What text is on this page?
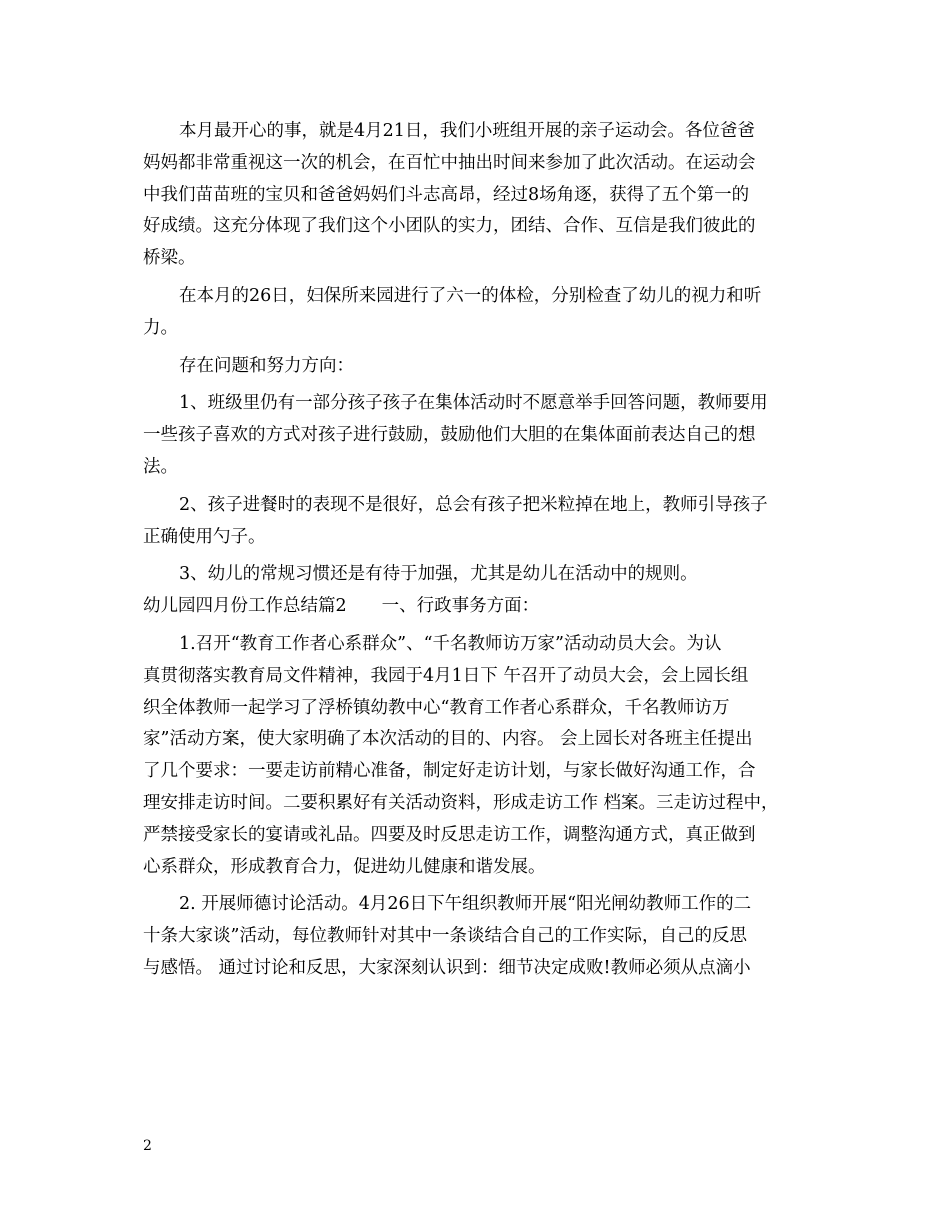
本月最开心的事，就是4月21日，我们小班组开展的亲子运动会。各位爸爸
妈妈都非常重视这一次的机会，在百忙中抽出时间来参加了此次活动。在运动会
中我们苗苗班的宝贝和爸爸妈妈们斗志高昂，经过8场角逐，获得了五个第一的
好成绩。这充分体现了我们这个小团队的实力，团结、合作、互信是我们彼此的
桥梁。

在本月的26日，妇保所来园进行了六一的体检，分别检查了幼儿的视力和听
力。

存在问题和努力方向：

1、班级里仍有一部分孩子孩子在集体活动时不愿意举手回答问题，教师要用
一些孩子喜欢的方式对孩子进行鼓励，鼓励他们大胆的在集体面前表达自己的想
法。

2、孩子进餐时的表现不是很好，总会有孩子把米粒掉在地上，教师引导孩子
正确使用勺子。

3、幼儿的常规习惯还是有待于加强，尤其是幼儿在活动中的规则。

幼儿园四月份工作总结篇2　　一、行政事务方面：

1.召开“教育工作者心系群众”、“千名教师访万家”活动动员大会。为认
真贯彻落实教育局文件精神，我园于4月1日下 午召开了动员大会，会上园长组
织全体教师一起学习了浮桥镇幼教中心“教育工作者心系群众，千名教师访万
家”活动方案，使大家明确了本次活动的目的、内容。 会上园长对各班主任提出
了几个要求：一要走访前精心准备，制定好走访计划，与家长做好沟通工作，合
理安排走访时间。二要积累好有关活动资料，形成走访工作 档案。三走访过程中，
严禁接受家长的宴请或礼品。四要及时反思走访工作，调整沟通方式，真正做到
心系群众，形成教育合力，促进幼儿健康和谐发展。

2. 开展师德讨论活动。4月26日下午组织教师开展“阳光闸幼教师工作的二
十条大家谈”活动，每位教师针对其中一条谈结合自己的工作实际，自己的反思
与感悟。 通过讨论和反思，大家深刻认识到：细节决定成败!教师必须从点滴小

2
